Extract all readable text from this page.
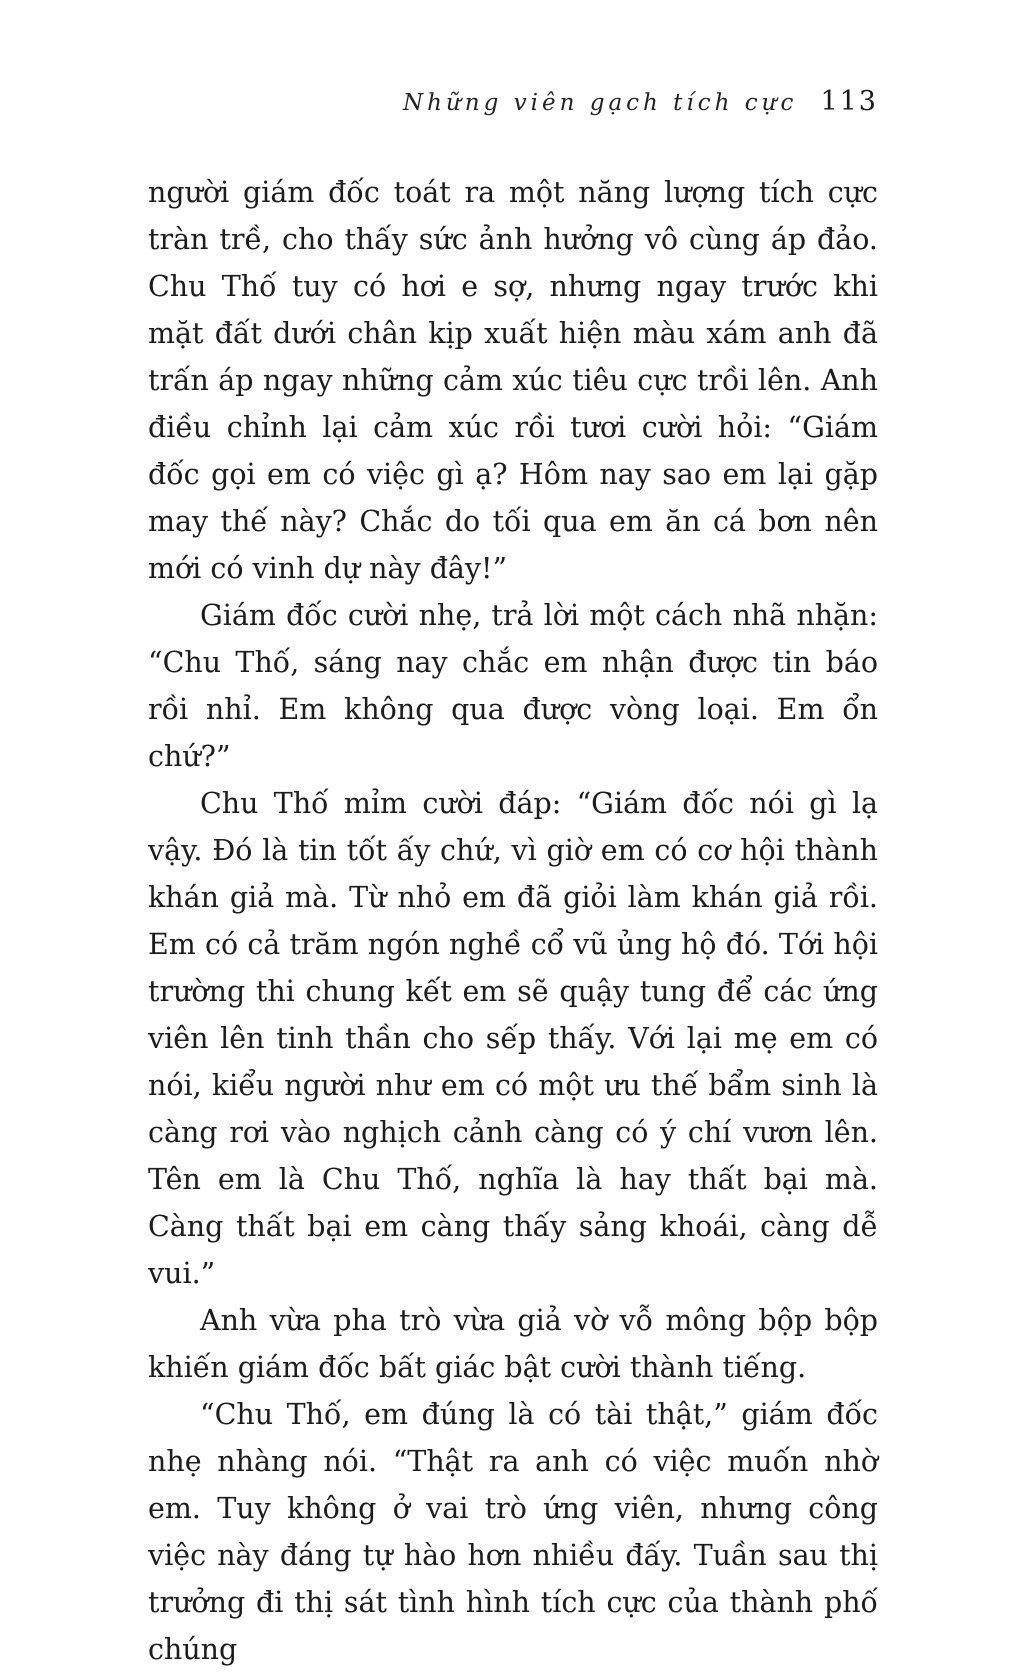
Những viên gạch tích cực 113

người giám đốc toát ra một năng lượng tích cực tràn trề, cho thấy sức ảnh hưởng vô cùng áp đảo. Chu Thố tuy có hơi e sợ, nhưng ngay trước khi mặt đất dưới chân kịp xuất hiện màu xám anh đã trấn áp ngay những cảm xúc tiêu cực trồi lên. Anh điều chỉnh lại cảm xúc rồi tươi cười hỏi: “Giám đốc gọi em có việc gì ạ? Hôm nay sao em lại gặp may thế này? Chắc do tối qua em ăn cá bơn nên mới có vinh dự này đây!”

Giám đốc cười nhẹ, trả lời một cách nhã nhặn: “Chu Thố, sáng nay chắc em nhận được tin báo rồi nhỉ. Em không qua được vòng loại. Em ổn chứ?”

Chu Thố mỉm cười đáp: “Giám đốc nói gì lạ vậy. Đó là tin tốt ấy chứ, vì giờ em có cơ hội thành khán giả mà. Từ nhỏ em đã giỏi làm khán giả rồi. Em có cả trăm ngón nghề cổ vũ ủng hộ đó. Tới hội trường thi chung kết em sẽ quậy tung để các ứng viên lên tinh thần cho sếp thấy. Với lại mẹ em có nói, kiểu người như em có một ưu thế bẩm sinh là càng rơi vào nghịch cảnh càng có ý chí vươn lên. Tên em là Chu Thố, nghĩa là hay thất bại mà. Càng thất bại em càng thấy sảng khoái, càng dễ vui.”

Anh vừa pha trò vừa giả vờ vỗ mông bộp bộp khiến giám đốc bất giác bật cười thành tiếng.

“Chu Thố, em đúng là có tài thật,” giám đốc nhẹ nhàng nói. “Thật ra anh có việc muốn nhờ em. Tuy không ở vai trò ứng viên, nhưng công việc này đáng tự hào hơn nhiều đấy. Tuần sau thị trưởng đi thị sát tình hình tích cực của thành phố chúng
